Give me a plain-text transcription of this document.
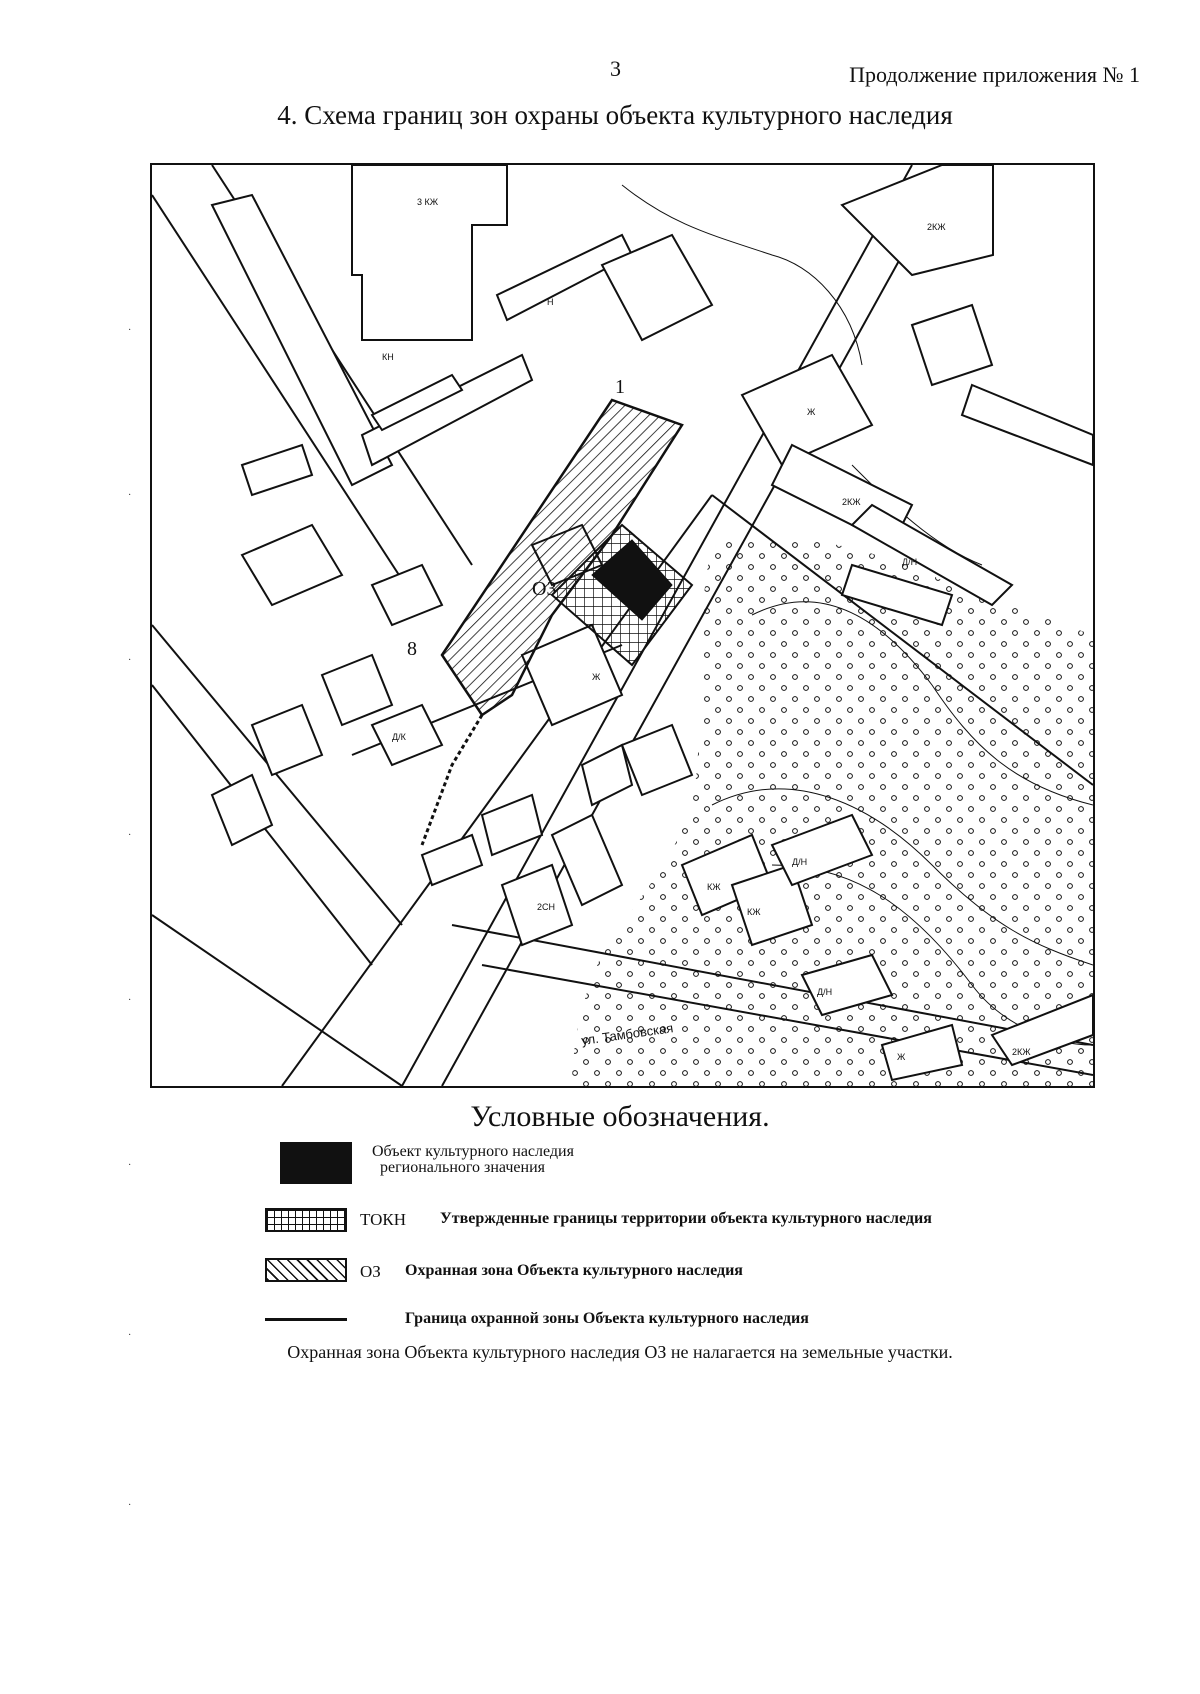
3	Продолжение приложения № 1
4. Схема границ зон охраны объекта культурного наследия
·
·
·
·
·
·
·
·
ОЗ
1
8
ул. Тамбовская
3 КЖ
2КЖ
КН
Н
Ж
2КЖ
Д/Н
Ж
2СН
КЖ
Д/К
2КЖ
Д/Н
Д/Н
Ж
КЖ
Условные обозначения.
Объект культурного наследия
регионального значения
ТОКН Утвержденные границы территории объекта культурного наследия
ОЗ Охранная зона Объекта культурного наследия
Граница охранной зоны Объекта культурного наследия
Охранная зона Объекта культурного наследия ОЗ не налагается на земельные участки.
